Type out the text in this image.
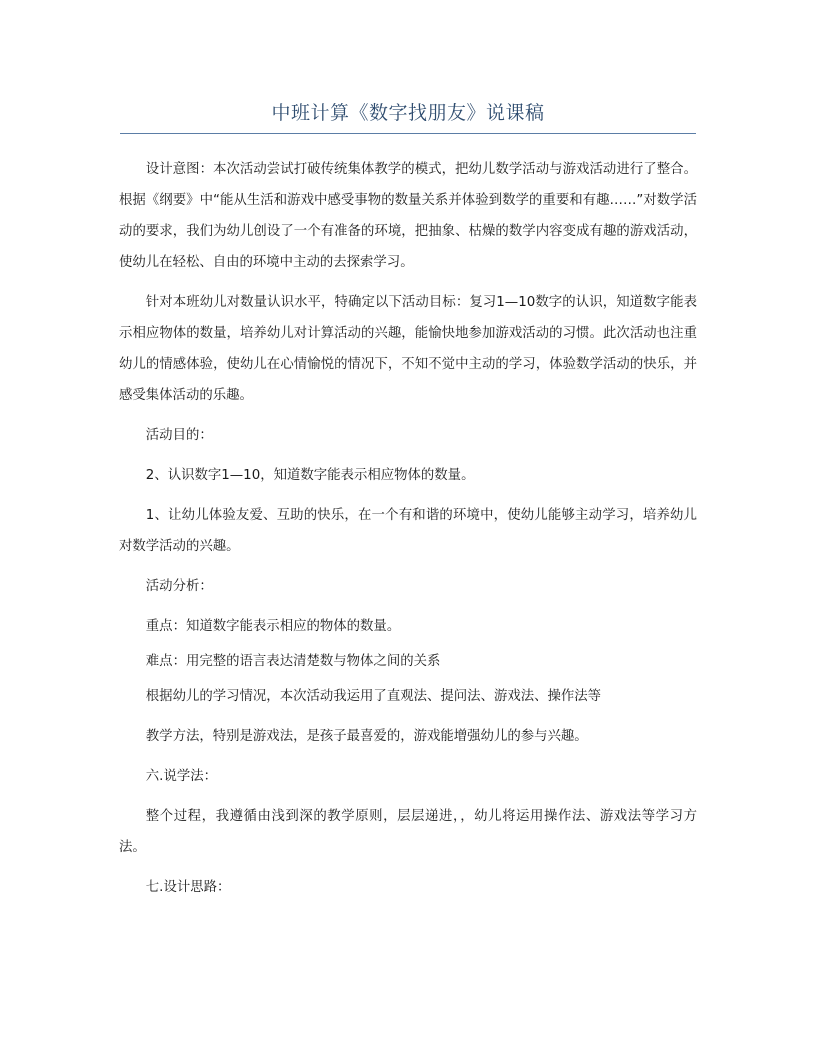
中班计算《数字找朋友》说课稿

设计意图：本次活动尝试打破传统集体教学的模式，把幼儿数学活动与游戏活动进行了整合。根据《纲要》中“能从生活和游戏中感受事物的数量关系并体验到数学的重要和有趣……”对数学活动的要求，我们为幼儿创设了一个有准备的环境，把抽象、枯燥的数学内容变成有趣的游戏活动，使幼儿在轻松、自由的环境中主动的去探索学习。

针对本班幼儿对数量认识水平，特确定以下活动目标：复习1—10数字的认识，知道数字能表示相应物体的数量，培养幼儿对计算活动的兴趣，能愉快地参加游戏活动的习惯。此次活动也注重幼儿的情感体验，使幼儿在心情愉悦的情况下，不知不觉中主动的学习，体验数学活动的快乐，并感受集体活动的乐趣。

活动目的：

2、认识数字1—10，知道数字能表示相应物体的数量。

1、让幼儿体验友爱、互助的快乐，在一个有和谐的环境中，使幼儿能够主动学习，培养幼儿对数学活动的兴趣。

活动分析：

重点：知道数字能表示相应的物体的数量。

难点：用完整的语言表达清楚数与物体之间的关系

根据幼儿的学习情况，本次活动我运用了直观法、提问法、游戏法、操作法等

教学方法，特别是游戏法，是孩子最喜爱的，游戏能增强幼儿的参与兴趣。

六.说学法：

整个过程，我遵循由浅到深的教学原则，层层递进，，幼儿将运用操作法、游戏法等学习方法。

七.设计思路：
